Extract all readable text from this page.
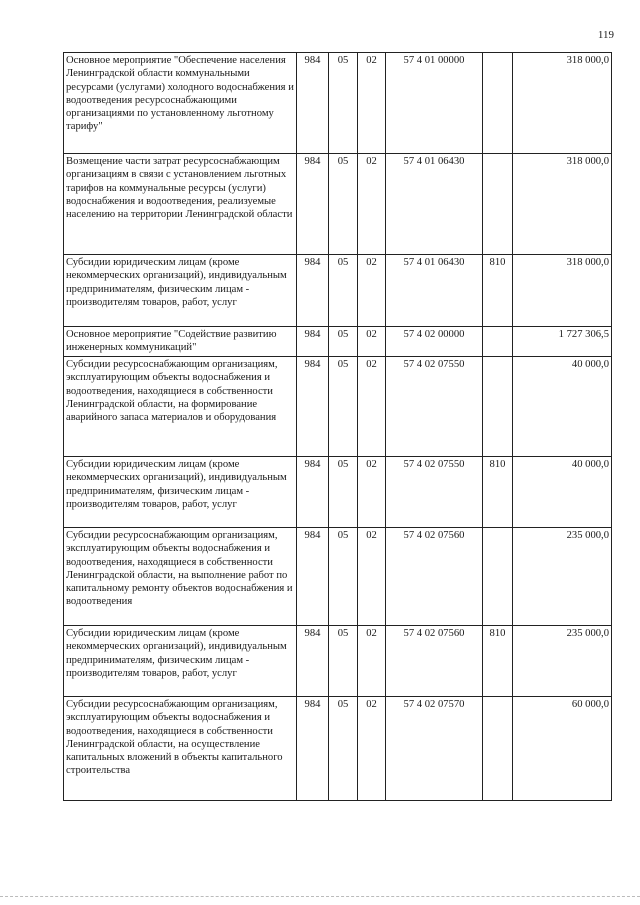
119
Основное мероприятие "Обеспечение населения Ленинградской области коммунальными ресурсами (услугами) холодного водоснабжения и водоотведения ресурсоснабжающими организациями по установленному льготному тарифу"	984	05	02	57 4 01 00000		318 000,0
Возмещение части затрат ресурсоснабжающим организациям в связи с установлением льготных тарифов на коммунальные ресурсы (услуги) водоснабжения и водоотведения, реализуемые населению на территории Ленинградской области	984	05	02	57 4 01 06430		318 000,0
Субсидии юридическим лицам (кроме некоммерческих организаций), индивидуальным предпринимателям, физическим лицам - производителям товаров, работ, услуг	984	05	02	57 4 01 06430	810	318 000,0
Основное мероприятие "Содействие развитию инженерных коммуникаций"	984	05	02	57 4 02 00000		1 727 306,5
Субсидии ресурсоснабжающим организациям, эксплуатирующим объекты водоснабжения и водоотведения, находящиеся в собственности Ленинградской области, на формирование аварийного запаса материалов и оборудования	984	05	02	57 4 02 07550		40 000,0
Субсидии юридическим лицам (кроме некоммерческих организаций), индивидуальным предпринимателям, физическим лицам - производителям товаров, работ, услуг	984	05	02	57 4 02 07550	810	40 000,0
Субсидии ресурсоснабжающим организациям, эксплуатирующим объекты водоснабжения и водоотведения, находящиеся в собственности Ленинградской области, на выполнение работ по капитальному ремонту объектов водоснабжения и водоотведения	984	05	02	57 4 02 07560		235 000,0
Субсидии юридическим лицам (кроме некоммерческих организаций), индивидуальным предпринимателям, физическим лицам - производителям товаров, работ, услуг	984	05	02	57 4 02 07560	810	235 000,0
Субсидии ресурсоснабжающим организациям, эксплуатирующим объекты водоснабжения и водоотведения, находящиеся в собственности Ленинградской области, на осуществление капитальных вложений в объекты капитального строительства	984	05	02	57 4 02 07570		60 000,0
